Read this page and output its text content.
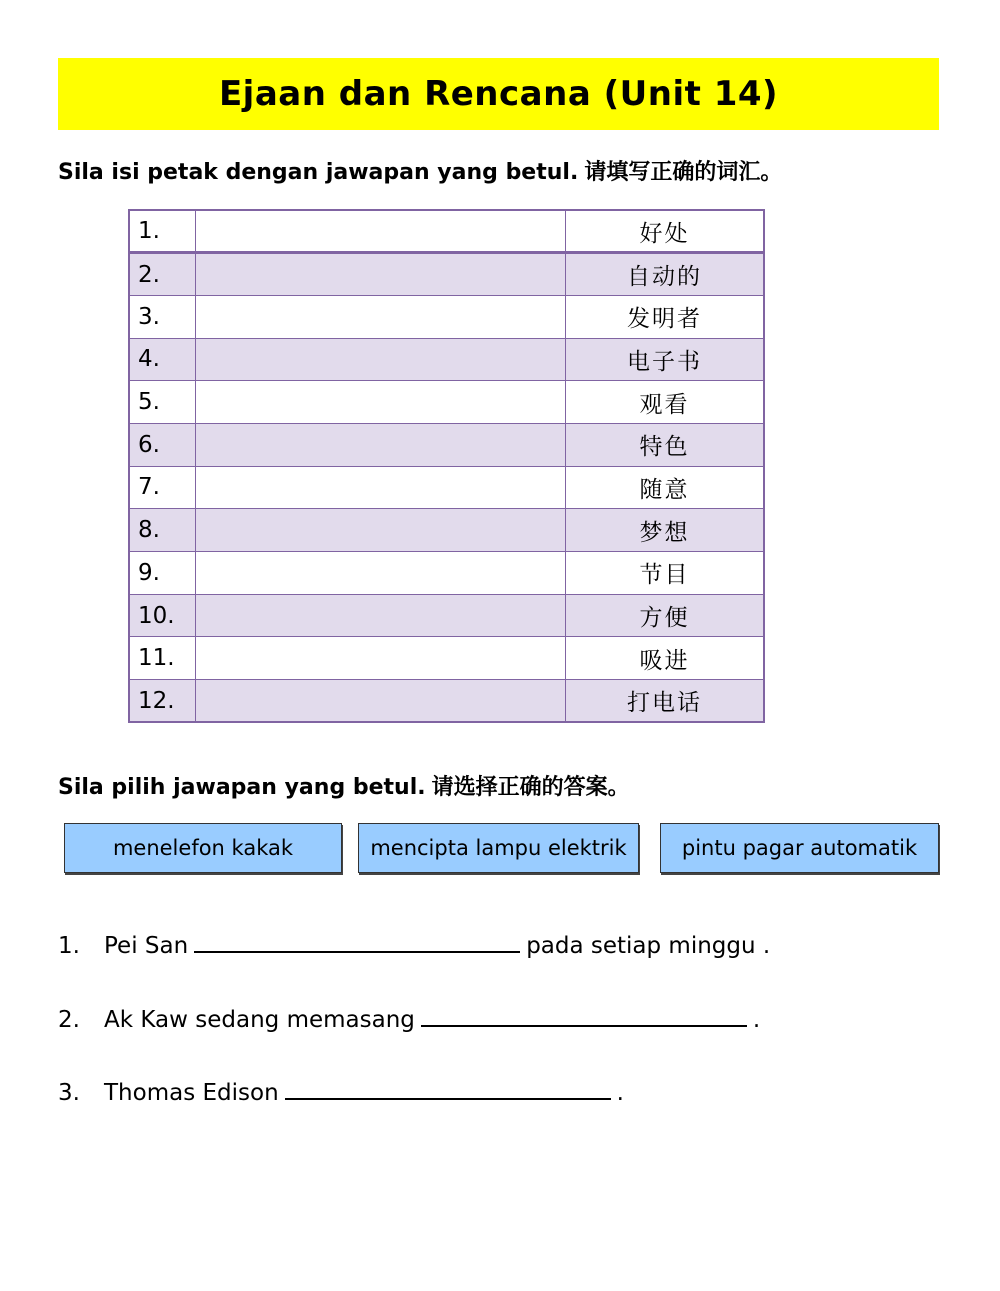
Ejaan dan Rencana (Unit 14)
Sila isi petak dengan jawapan yang betul. 请填写正确的词汇。
1.		好处
2.		自动的
3.		发明者
4.		电子书
5.		观看
6.		特色
7.		随意
8.		梦想
9.		节目
10.		方便
11.		吸进
12.		打电话
Sila pilih jawapan yang betul. 请选择正确的答案。
menelefon kakak	mencipta lampu elektrik	pintu pagar automatik
1. Pei San	pada setiap minggu .
2. Ak Kaw sedang memasang	.
3. Thomas Edison	.
